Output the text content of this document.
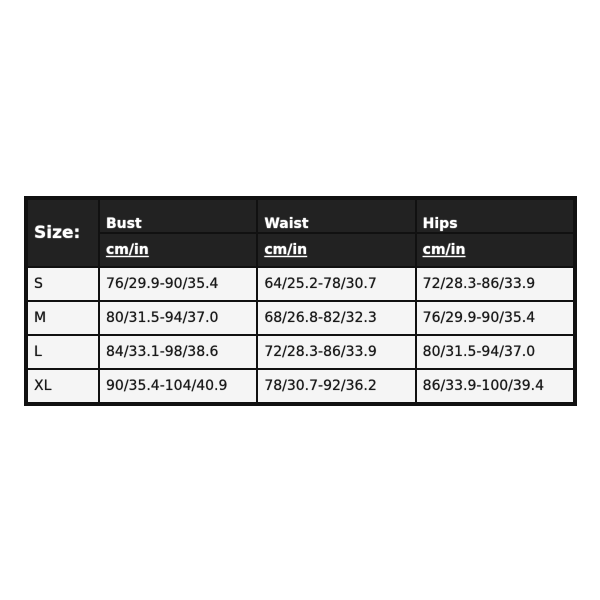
Size:	Bust	Waist	Hips
	cm/in	cm/in	cm/in
S	76/29.9-90/35.4	64/25.2-78/30.7	72/28.3-86/33.9
M	80/31.5-94/37.0	68/26.8-82/32.3	76/29.9-90/35.4
L	84/33.1-98/38.6	72/28.3-86/33.9	80/31.5-94/37.0
XL	90/35.4-104/40.9	78/30.7-92/36.2	86/33.9-100/39.4
